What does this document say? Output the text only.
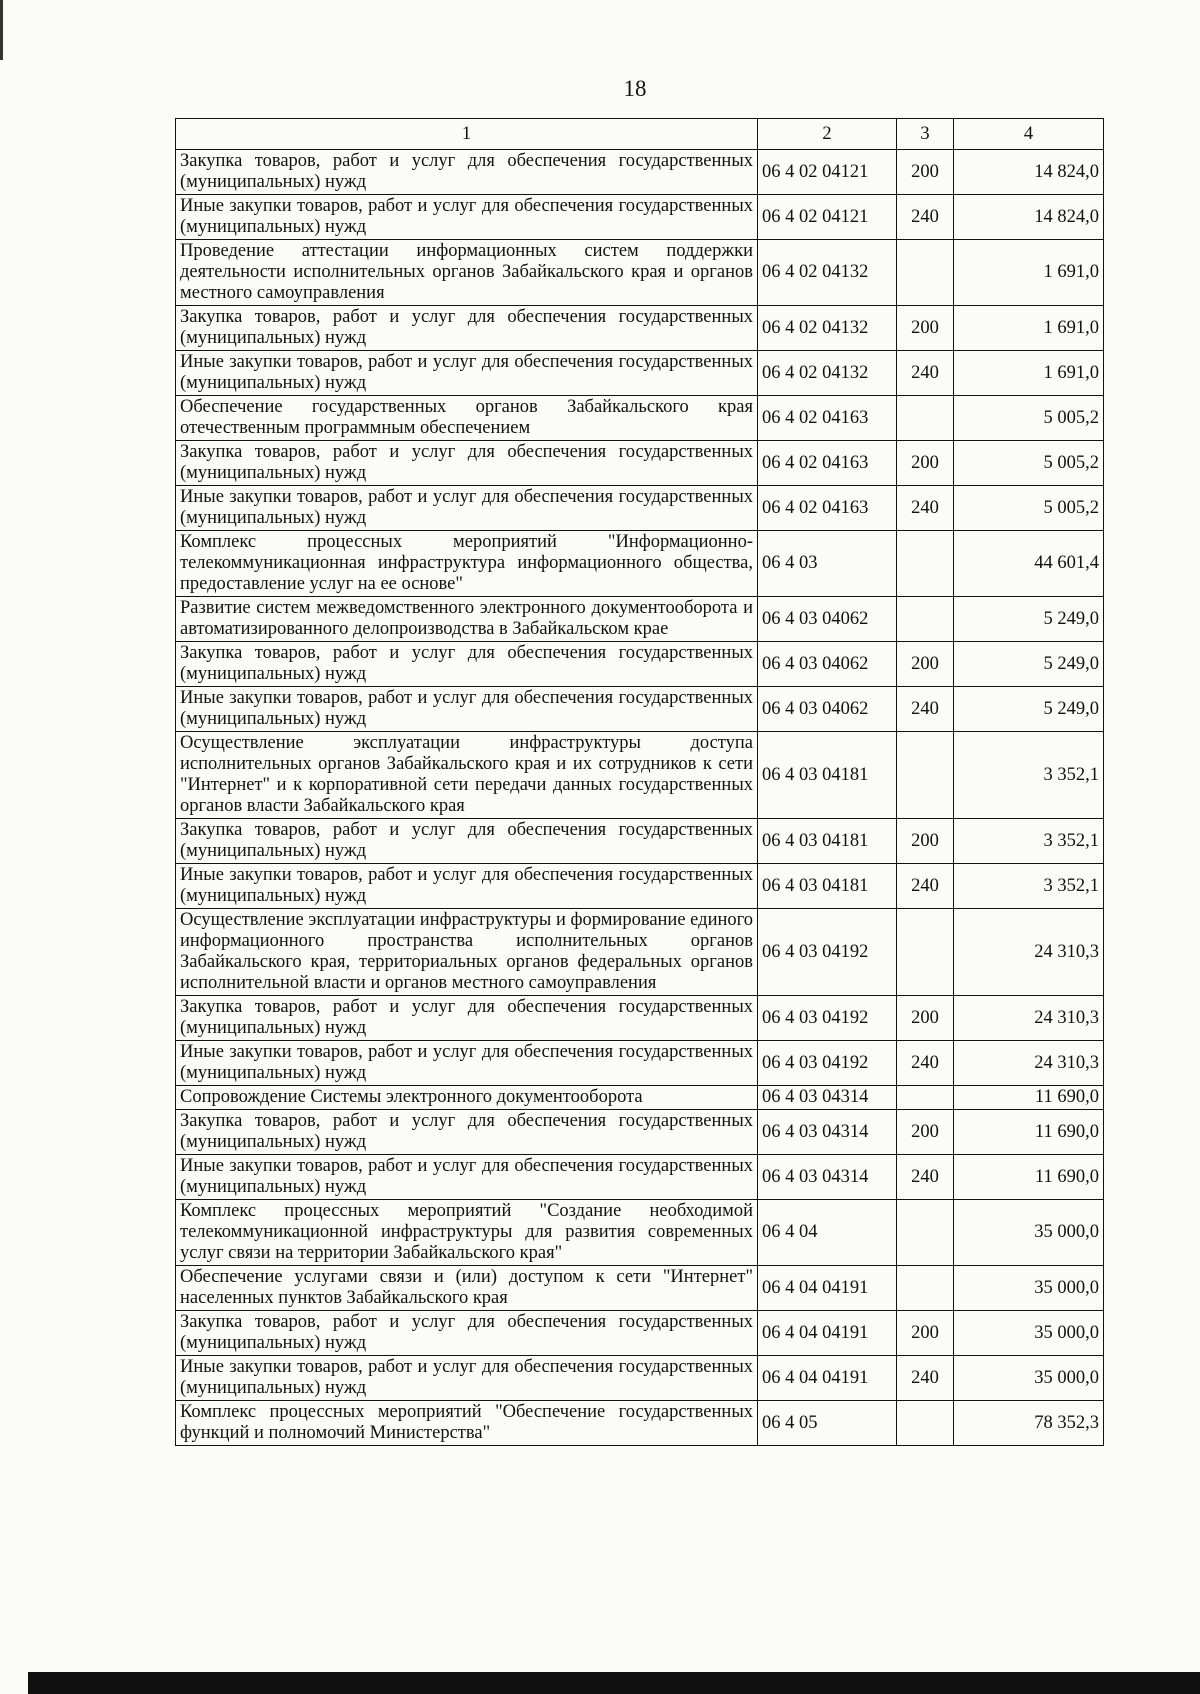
18
1	2	3	4
Закупка товаров, работ и услуг для обеспечения государственных (муниципальных) нужд	06 4 02 04121	200	14 824,0
Иные закупки товаров, работ и услуг для обеспечения государственных (муниципальных) нужд	06 4 02 04121	240	14 824,0
Проведение аттестации информационных систем поддержки деятельности исполнительных органов Забайкальского края и органов местного самоуправления	06 4 02 04132		1 691,0
Закупка товаров, работ и услуг для обеспечения государственных (муниципальных) нужд	06 4 02 04132	200	1 691,0
Иные закупки товаров, работ и услуг для обеспечения государственных (муниципальных) нужд	06 4 02 04132	240	1 691,0
Обеспечение государственных органов Забайкальского края отечественным программным обеспечением	06 4 02 04163		5 005,2
Закупка товаров, работ и услуг для обеспечения государственных (муниципальных) нужд	06 4 02 04163	200	5 005,2
Иные закупки товаров, работ и услуг для обеспечения государственных (муниципальных) нужд	06 4 02 04163	240	5 005,2
Комплекс процессных мероприятий "Информационно-телекоммуникационная инфраструктура информационного общества, предоставление услуг на ее основе"	06 4 03		44 601,4
Развитие систем межведомственного электронного документооборота и автоматизированного делопроизводства в Забайкальском крае	06 4 03 04062		5 249,0
Закупка товаров, работ и услуг для обеспечения государственных (муниципальных) нужд	06 4 03 04062	200	5 249,0
Иные закупки товаров, работ и услуг для обеспечения государственных (муниципальных) нужд	06 4 03 04062	240	5 249,0
Осуществление эксплуатации инфраструктуры доступа исполнительных органов Забайкальского края и их сотрудников к сети "Интернет" и к корпоративной сети передачи данных государственных органов власти Забайкальского края	06 4 03 04181		3 352,1
Закупка товаров, работ и услуг для обеспечения государственных (муниципальных) нужд	06 4 03 04181	200	3 352,1
Иные закупки товаров, работ и услуг для обеспечения государственных (муниципальных) нужд	06 4 03 04181	240	3 352,1
Осуществление эксплуатации инфраструктуры и формирование единого информационного пространства исполнительных органов Забайкальского края, территориальных органов федеральных органов исполнительной власти и органов местного самоуправления	06 4 03 04192		24 310,3
Закупка товаров, работ и услуг для обеспечения государственных (муниципальных) нужд	06 4 03 04192	200	24 310,3
Иные закупки товаров, работ и услуг для обеспечения государственных (муниципальных) нужд	06 4 03 04192	240	24 310,3
Сопровождение Системы электронного документооборота	06 4 03 04314		11 690,0
Закупка товаров, работ и услуг для обеспечения государственных (муниципальных) нужд	06 4 03 04314	200	11 690,0
Иные закупки товаров, работ и услуг для обеспечения государственных (муниципальных) нужд	06 4 03 04314	240	11 690,0
Комплекс процессных мероприятий "Создание необходимой телекоммуникационной инфраструктуры для развития современных услуг связи на территории Забайкальского края"	06 4 04		35 000,0
Обеспечение услугами связи и (или) доступом к сети "Интернет" населенных пунктов Забайкальского края	06 4 04 04191		35 000,0
Закупка товаров, работ и услуг для обеспечения государственных (муниципальных) нужд	06 4 04 04191	200	35 000,0
Иные закупки товаров, работ и услуг для обеспечения государственных (муниципальных) нужд	06 4 04 04191	240	35 000,0
Комплекс процессных мероприятий "Обеспечение государственных функций и полномочий Министерства"	06 4 05		78 352,3
